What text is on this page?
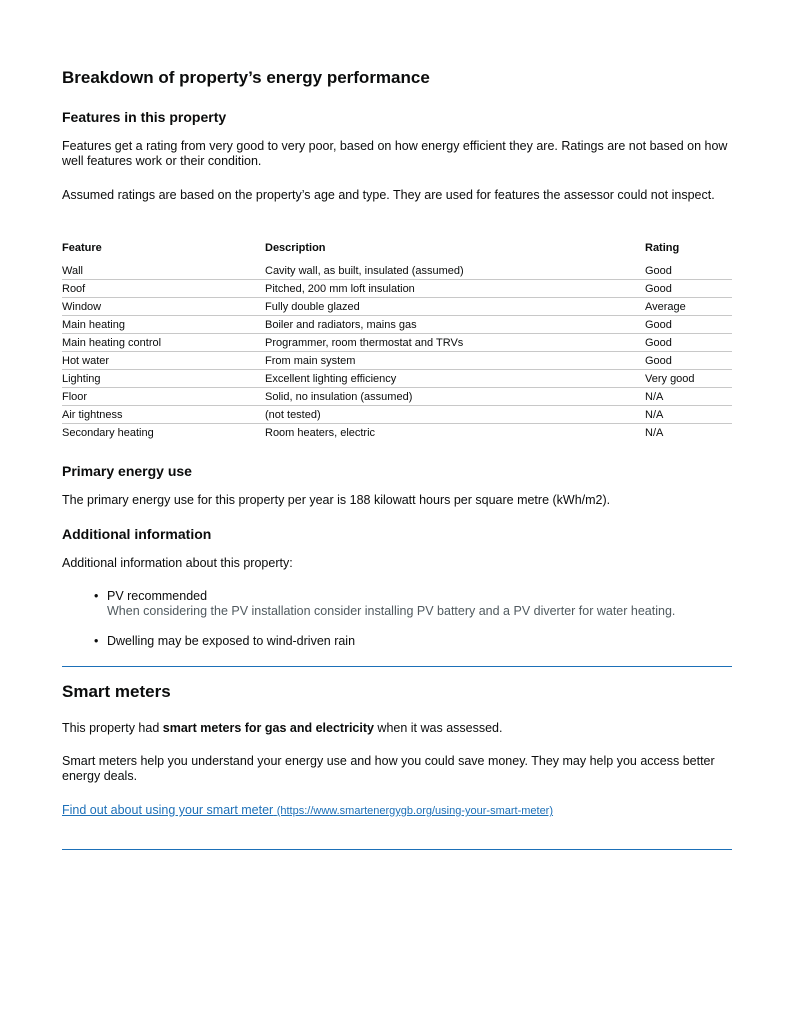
Breakdown of property’s energy performance
Features in this property

Features get a rating from very good to very poor, based on how energy efficient they are. Ratings are not based on how well features work or their condition.

Assumed ratings are based on the property’s age and type. They are used for features the assessor could not inspect.

Feature	Description	Rating
Wall	Cavity wall, as built, insulated (assumed)	Good
Roof	Pitched, 200 mm loft insulation	Good
Window	Fully double glazed	Average
Main heating	Boiler and radiators, mains gas	Good
Main heating control	Programmer, room thermostat and TRVs	Good
Hot water	From main system	Good
Lighting	Excellent lighting efficiency	Very good
Floor	Solid, no insulation (assumed)	N/A
Air tightness	(not tested)	N/A
Secondary heating	Room heaters, electric	N/A
Primary energy use

The primary energy use for this property per year is 188 kilowatt hours per square metre (kWh/m2).

Additional information

Additional information about this property:

• PV recommended
When considering the PV installation consider installing PV battery and a PV diverter for water heating.
• Dwelling may be exposed to wind-driven rain
Smart meters

This property had smart meters for gas and electricity when it was assessed.

Smart meters help you understand your energy use and how you could save money. They may help you access better energy deals.

Find out about using your smart meter (https://www.smartenergygb.org/using-your-smart-meter)
